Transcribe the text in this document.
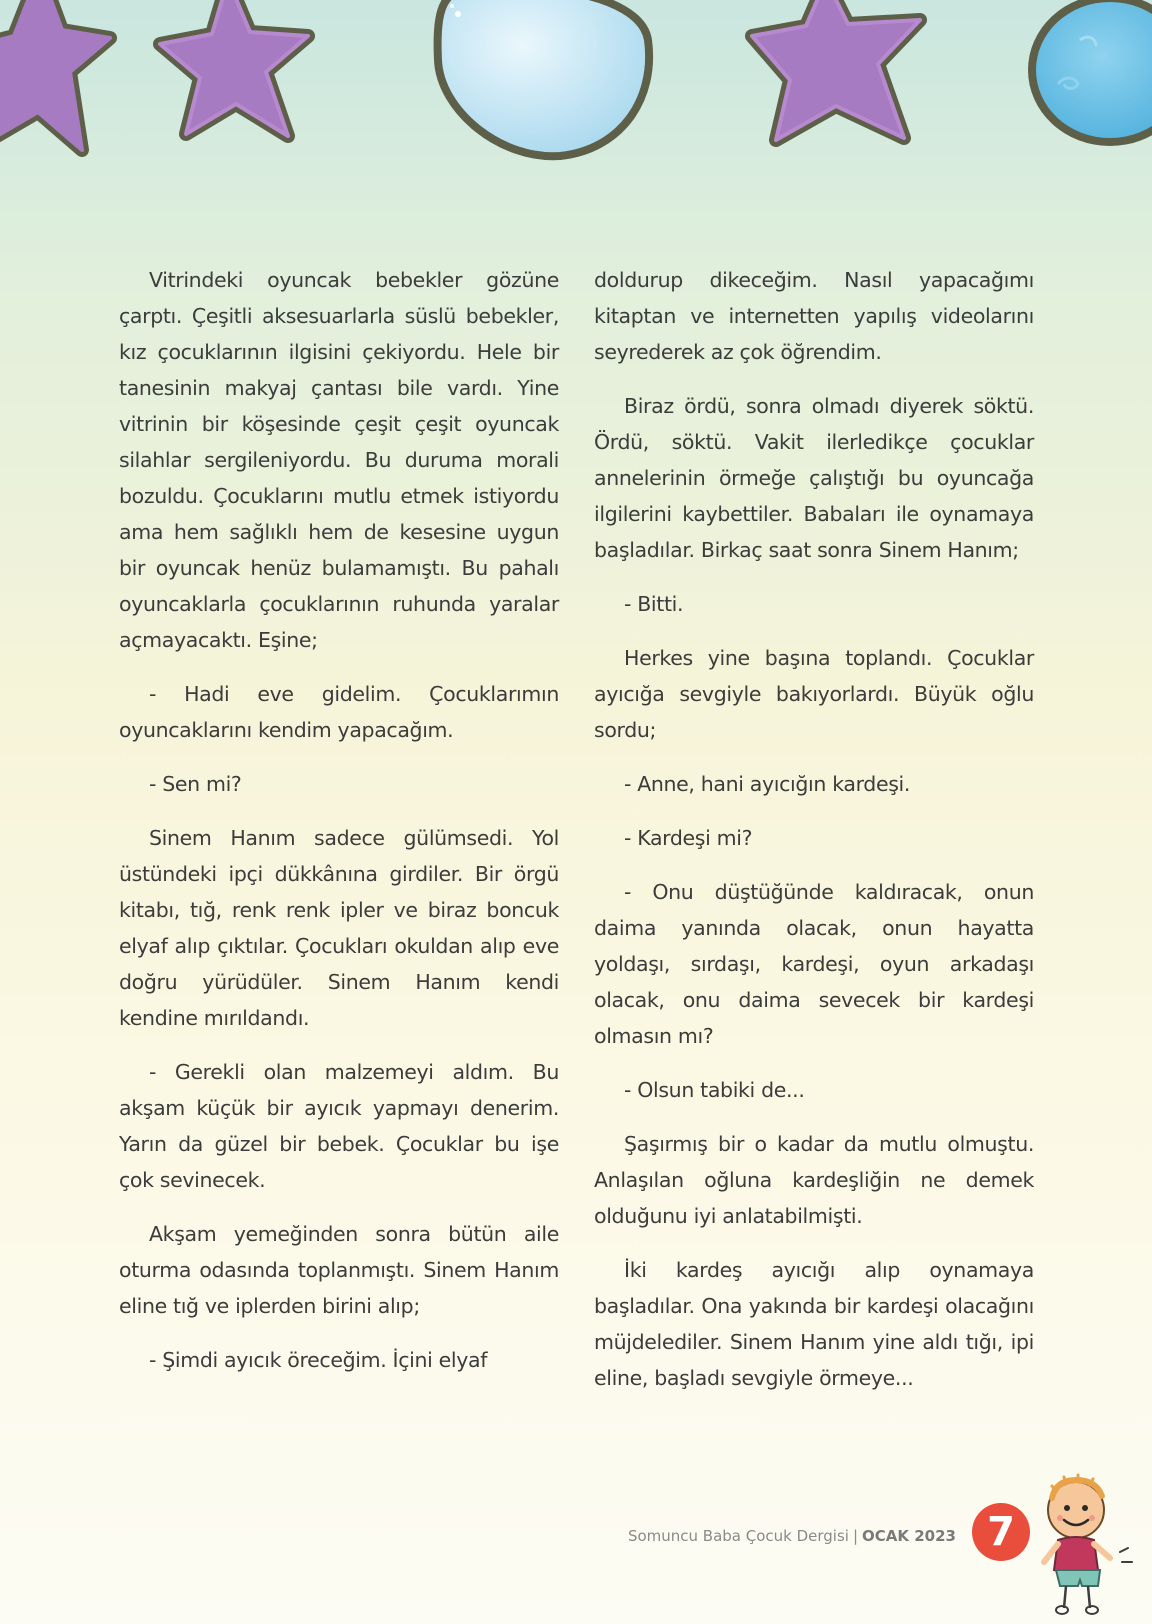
Vitrindeki oyuncak bebekler gözüne çarptı. Çeşitli aksesuarlarla süslü bebekler, kız çocuklarının ilgisini çekiyordu. Hele bir tanesinin makyaj çantası bile vardı. Yine vitrinin bir köşesinde çeşit çeşit oyuncak silahlar sergileniyordu. Bu duruma morali bozuldu. Çocuklarını mutlu etmek istiyordu ama hem sağlıklı hem de kesesine uygun bir oyuncak henüz bulamamıştı. Bu pahalı oyuncaklarla çocuklarının ruhunda yaralar açmayacaktı. Eşine;

- Hadi eve gidelim. Çocuklarımın oyuncaklarını kendim yapacağım.

- Sen mi?

Sinem Hanım sadece gülümsedi. Yol üstündeki ipçi dükkânına girdiler. Bir örgü kitabı, tığ, renk renk ipler ve biraz boncuk elyaf alıp çıktılar. Çocukları okuldan alıp eve doğru yürüdüler. Sinem Hanım kendi kendine mırıldandı.

- Gerekli olan malzemeyi aldım. Bu akşam küçük bir ayıcık yapmayı denerim. Yarın da güzel bir bebek. Çocuklar bu işe çok sevinecek.

Akşam yemeğinden sonra bütün aile oturma odasında toplanmıştı. Sinem Hanım eline tığ ve iplerden birini alıp;

- Şimdi ayıcık öreceğim. İçini elyaf

doldurup dikeceğim. Nasıl yapacağımı kitaptan ve internetten yapılış videolarını seyrederek az çok öğrendim.

Biraz ördü, sonra olmadı diyerek söktü. Ördü, söktü. Vakit ilerledikçe çocuklar annelerinin örmeğe çalıştığı bu oyuncağa ilgilerini kaybettiler. Babaları ile oynamaya başladılar. Birkaç saat sonra Sinem Hanım;

- Bitti.

Herkes yine başına toplandı. Çocuklar ayıcığa sevgiyle bakıyorlardı. Büyük oğlu sordu;

- Anne, hani ayıcığın kardeşi.

- Kardeşi mi?

- Onu düştüğünde kaldıracak, onun daima yanında olacak, onun hayatta yoldaşı, sırdaşı, kardeşi, oyun arkadaşı olacak, onu daima sevecek bir kardeşi olmasın mı?

- Olsun tabiki de...

Şaşırmış bir o kadar da mutlu olmuştu. Anlaşılan oğluna kardeşliğin ne demek olduğunu iyi anlatabilmişti.

İki kardeş ayıcığı alıp oynamaya başladılar. Ona yakında bir kardeşi olacağını müjdelediler. Sinem Hanım yine aldı tığı, ipi eline, başladı sevgiyle örmeye...

Somuncu Baba Çocuk Dergisi | OCAK 2023 7
